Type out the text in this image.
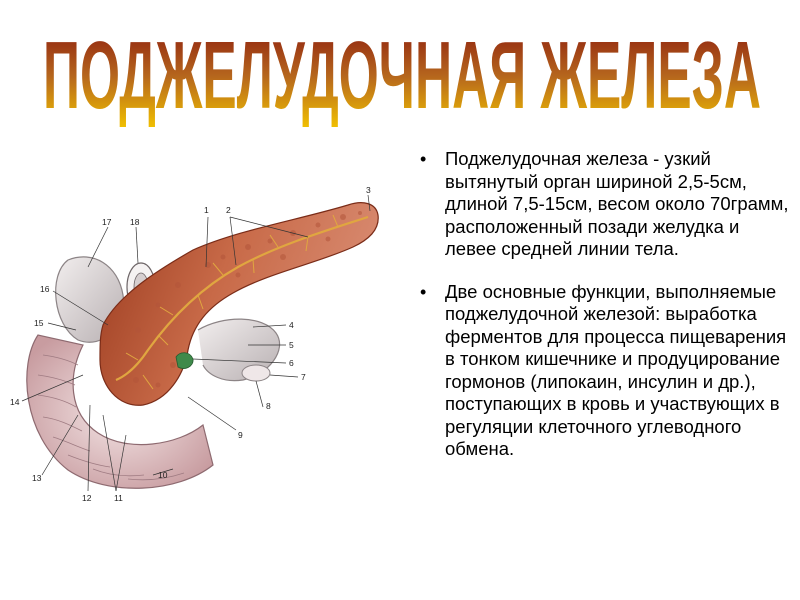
ПОДЖЕЛУДОЧНАЯ ЖЕЛЕЗА
1 2
3
4
5
6
7
8
9
10
11
12
13
14
15
16
17 18
• Поджелудочная железа - узкий вытянутый орган шириной 2,5-5см, длиной 7,5-15см, весом около 70грамм, расположенный позади желудка и левее средней линии тела.
• Две основные функции, выполняемые поджелудочной железой: выработка ферментов для процесса пищеварения в тонком кишечнике и продуцирование гормонов (липокаин, инсулин и др.), поступающих в кровь и участвующих в регуляции клеточного углеводного обмена.
